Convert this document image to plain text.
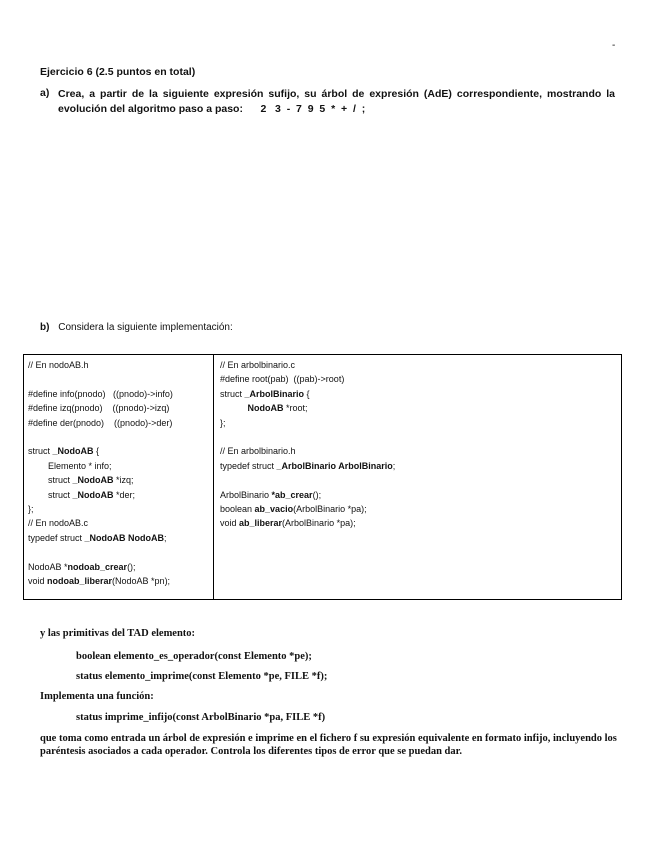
-
Ejercicio 6 (2.5 puntos en total)
a) Crea, a partir de la siguiente expresión sufijo, su árbol de expresión (AdE) correspondiente, mostrando la
evolución del algoritmo paso a paso:      2   3  -  7  9  5  *  +  /  ;
b) Considera la siguiente implementación:
// En nodoAB.h
#define info(pnodo)   ((pnodo)->info)
#define izq(pnodo)    ((pnodo)->izq)
#define der(pnodo)    ((pnodo)->der)
struct _NodoAB {
Elemento * info;
struct _NodoAB *izq;
struct _NodoAB *der;
};
// En nodoAB.c
typedef struct _NodoAB NodoAB;
NodoAB *nodoab_crear();
void nodoab_liberar(NodoAB *pn);
// En arbolbinario.c
#define root(pab)  ((pab)->root)
struct _ArbolBinario {
NodoAB *root;
};
// En arbolbinario.h
typedef struct _ArbolBinario ArbolBinario;
ArbolBinario *ab_crear();
boolean ab_vacio(ArbolBinario *pa);
void ab_liberar(ArbolBinario *pa);
y las primitivas del TAD elemento:
boolean elemento_es_operador(const Elemento *pe);
status elemento_imprime(const Elemento *pe, FILE *f);
Implementa una función:
status imprime_infijo(const ArbolBinario *pa, FILE *f)
que toma como entrada un árbol de expresión e imprime en el fichero f su expresión equivalente en formato infijo, incluyendo los paréntesis asociados a cada operador. Controla los diferentes tipos de error que se puedan dar.
